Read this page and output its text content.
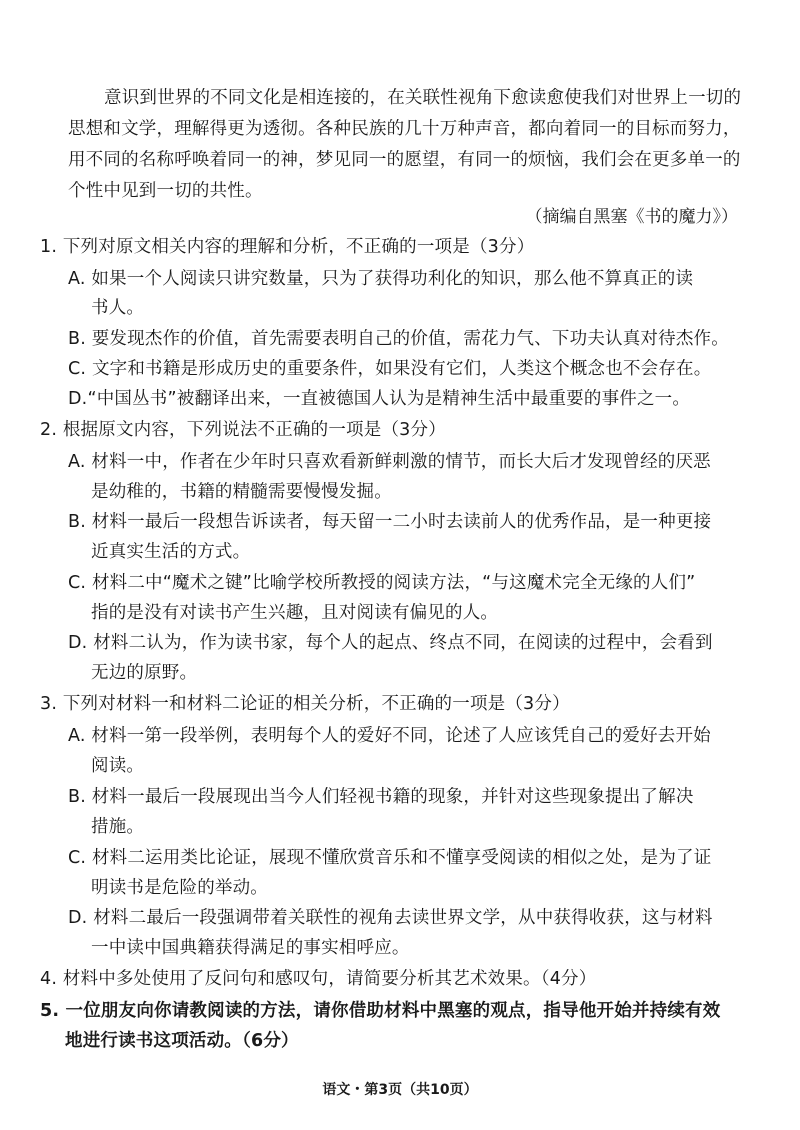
意识到世界的不同文化是相连接的，在关联性视角下愈读愈使我们对世界上一切的
思想和文学，理解得更为透彻。各种民族的几十万种声音，都向着同一的目标而努力，
用不同的名称呼唤着同一的神，梦见同一的愿望，有同一的烦恼，我们会在更多单一的
个性中见到一切的共性。
（摘编自黑塞《书的魔力》）
1. 下列对原文相关内容的理解和分析，不正确的一项是（3分）
A. 如果一个人阅读只讲究数量，只为了获得功利化的知识，那么他不算真正的读
书人。
B. 要发现杰作的价值，首先需要表明自己的价值，需花力气、下功夫认真对待杰作。
C. 文字和书籍是形成历史的重要条件，如果没有它们，人类这个概念也不会存在。
D.“中国丛书”被翻译出来，一直被德国人认为是精神生活中最重要的事件之一。
2. 根据原文内容，下列说法不正确的一项是（3分）
A. 材料一中，作者在少年时只喜欢看新鲜刺激的情节，而长大后才发现曾经的厌恶
是幼稚的，书籍的精髓需要慢慢发掘。
B. 材料一最后一段想告诉读者，每天留一二小时去读前人的优秀作品，是一种更接
近真实生活的方式。
C. 材料二中“魔术之键”比喻学校所教授的阅读方法，“与这魔术完全无缘的人们”
指的是没有对读书产生兴趣，且对阅读有偏见的人。
D. 材料二认为，作为读书家，每个人的起点、终点不同，在阅读的过程中，会看到
无边的原野。
3. 下列对材料一和材料二论证的相关分析，不正确的一项是（3分）
A. 材料一第一段举例，表明每个人的爱好不同，论述了人应该凭自己的爱好去开始
阅读。
B. 材料一最后一段展现出当今人们轻视书籍的现象，并针对这些现象提出了解决
措施。
C. 材料二运用类比论证，展现不懂欣赏音乐和不懂享受阅读的相似之处，是为了证
明读书是危险的举动。
D. 材料二最后一段强调带着关联性的视角去读世界文学，从中获得收获，这与材料
一中读中国典籍获得满足的事实相呼应。
4. 材料中多处使用了反问句和感叹句，请简要分析其艺术效果。（4分）
5. 一位朋友向你请教阅读的方法，请你借助材料中黑塞的观点，指导他开始并持续有效
地进行读书这项活动。（6分）
语文・第3页（共10页）
